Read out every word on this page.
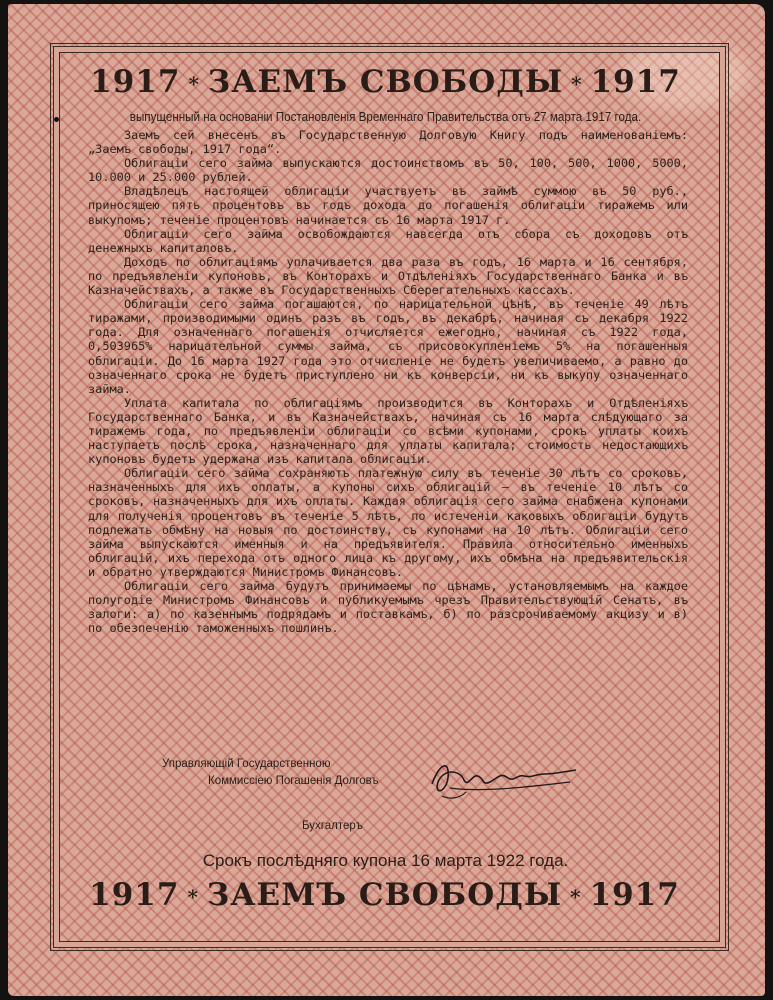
1917 * ЗАЕМЪ СВОБОДЫ * 1917
выпущенный на основаніи Постановленія Временнаго Правительства отъ 27 марта 1917 года.

Заемъ сей внесенъ въ Государственную Долговую Книгу подъ наименованіемъ: „Заемъ свободы, 1917 года“.

Облигаціи сего займа выпускаются достоинствомъ въ 50, 100, 500, 1000, 5000, 10.000 и 25.000 рублей.

Владѣлецъ настоящей облигаціи участвуетъ въ займѣ суммою въ 50 руб., приносящею пять процентовъ въ годъ дохода до погашенія облигаціи тиражемъ или выкупомъ; теченіе процентовъ начинается съ 16 марта 1917 г.

Облигаціи сего займа освобождаются навсегда отъ сбора съ доходовъ отъ денежныхъ капиталовъ.

Доходъ по облигаціямъ уплачивается два раза въ годъ, 16 марта и 16 сентября, по предъявленіи купоновъ, въ Конторахъ и Отдѣленіяхъ Государственнаго Банка и въ Казначействахъ, а также въ Государственныхъ Сберегательныхъ кассахъ.

Облигаціи сего займа погашаются, по нарицательной цѣнѣ, въ теченіе 49 лѣтъ тиражами, производимыми одинъ разъ въ годъ, въ декабрѣ, начиная съ декабря 1922 года. Для означеннаго погашенія отчисляется ежегодно, начиная съ 1922 года, 0,503965% нарицательной суммы займа, съ присовокупленіемъ 5% на погашенныя облигаціи. До 16 марта 1927 года это отчисленіе не будетъ увеличиваемо, а равно до означеннаго срока не будетъ приступлено ни къ конверсіи, ни къ выкупу означеннаго займа.

Уплата капитала по облигаціямъ производится въ Конторахъ и Отдѣленіяхъ Государственнаго Банка, и въ Казначействахъ, начиная съ 16 марта слѣдующаго за тиражемъ года, по предъявленіи облигаціи со всѣми купонами, срокъ уплаты коихъ наступаетъ послѣ срока, назначеннаго для уплаты капитала; стоимость недостающихъ купоновъ будетъ удержана изъ капитала облигаціи.

Облигаціи сего займа сохраняютъ платежную силу въ теченіе 30 лѣтъ со сроковъ, назначенныхъ для ихъ оплаты, а купоны сихъ облигацій — въ теченіе 10 лѣтъ со сроковъ, назначенныхъ для ихъ оплаты. Каждая облигація сего займа снабжена купонами для полученія процентовъ въ теченіе 5 лѣтъ, по истеченіи каковыхъ облигаціи будутъ подлежать обмѣну на новыя по достоинству, съ купонами на 10 лѣтъ. Облигаціи сего займа выпускаются именныя и на предъявителя. Правила относительно именныхъ облигацій, ихъ перехода отъ одного лица къ другому, ихъ обмѣна на предъявительскія и обратно утверждаются Министромъ Финансовъ.

Облигаціи сего займа будутъ принимаемы по цѣнамъ, установляемымъ на каждое полугодіе Министромъ Финансовъ и публикуемымъ чрезъ Правительствующій Сенатъ, въ залоги: а) по казеннымъ подрядамъ и поставкамъ, б) по разсрочиваемому акцизу и в) по обезпеченію таможенныхъ пошлинъ.

Управляющій Государственною
Коммиссіею Погашенія Долговъ
Бухгалтеръ
Срокъ послѣдняго купона 16 марта 1922 года.
1917 * ЗАЕМЪ СВОБОДЫ * 1917
